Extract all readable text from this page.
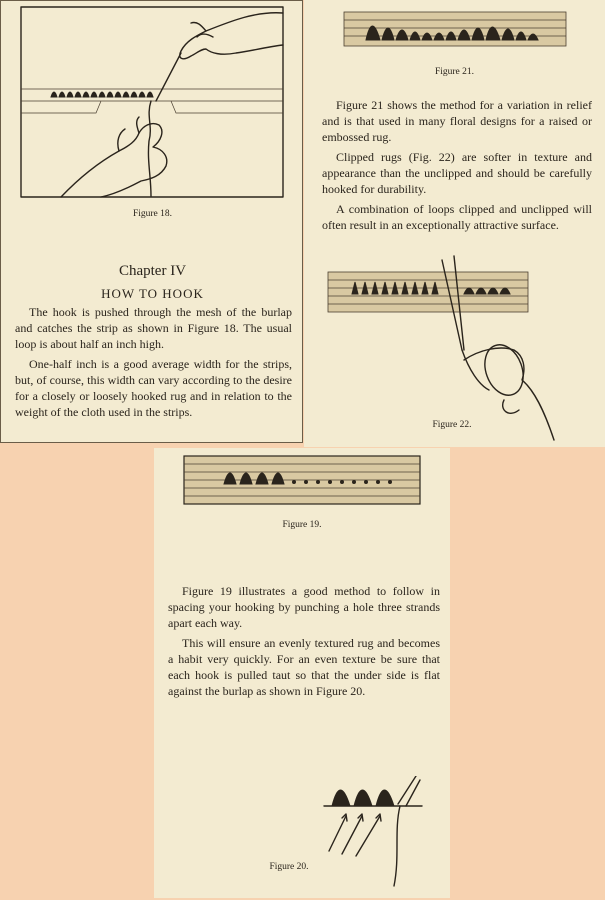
Figure 18.
Chapter IV
HOW TO HOOK

The hook is pushed through the mesh of the burlap and catches the strip as shown in Figure 18. The usual loop is about half an inch high.

One-half inch is a good average width for the strips, but, of course, this width can vary according to the desire for a closely or loosely hooked rug and in relation to the weight of the cloth used in the strips.

Figure 21.

Figure 21 shows the method for a variation in relief and is that used in many floral designs for a raised or embossed rug.

Clipped rugs (Fig. 22) are softer in texture and appearance than the unclipped and should be carefully hooked for durability.

A combination of loops clipped and unclipped will often result in an exceptionally attractive surface.

Figure 22.
Figure 19.

Figure 19 illustrates a good method to follow in spacing your hooking by punching a hole three strands apart each way.

This will ensure an evenly textured rug and becomes a habit very quickly. For an even texture be sure that each hook is pulled taut so that the under side is flat against the burlap as shown in Figure 20.

Figure 20.
